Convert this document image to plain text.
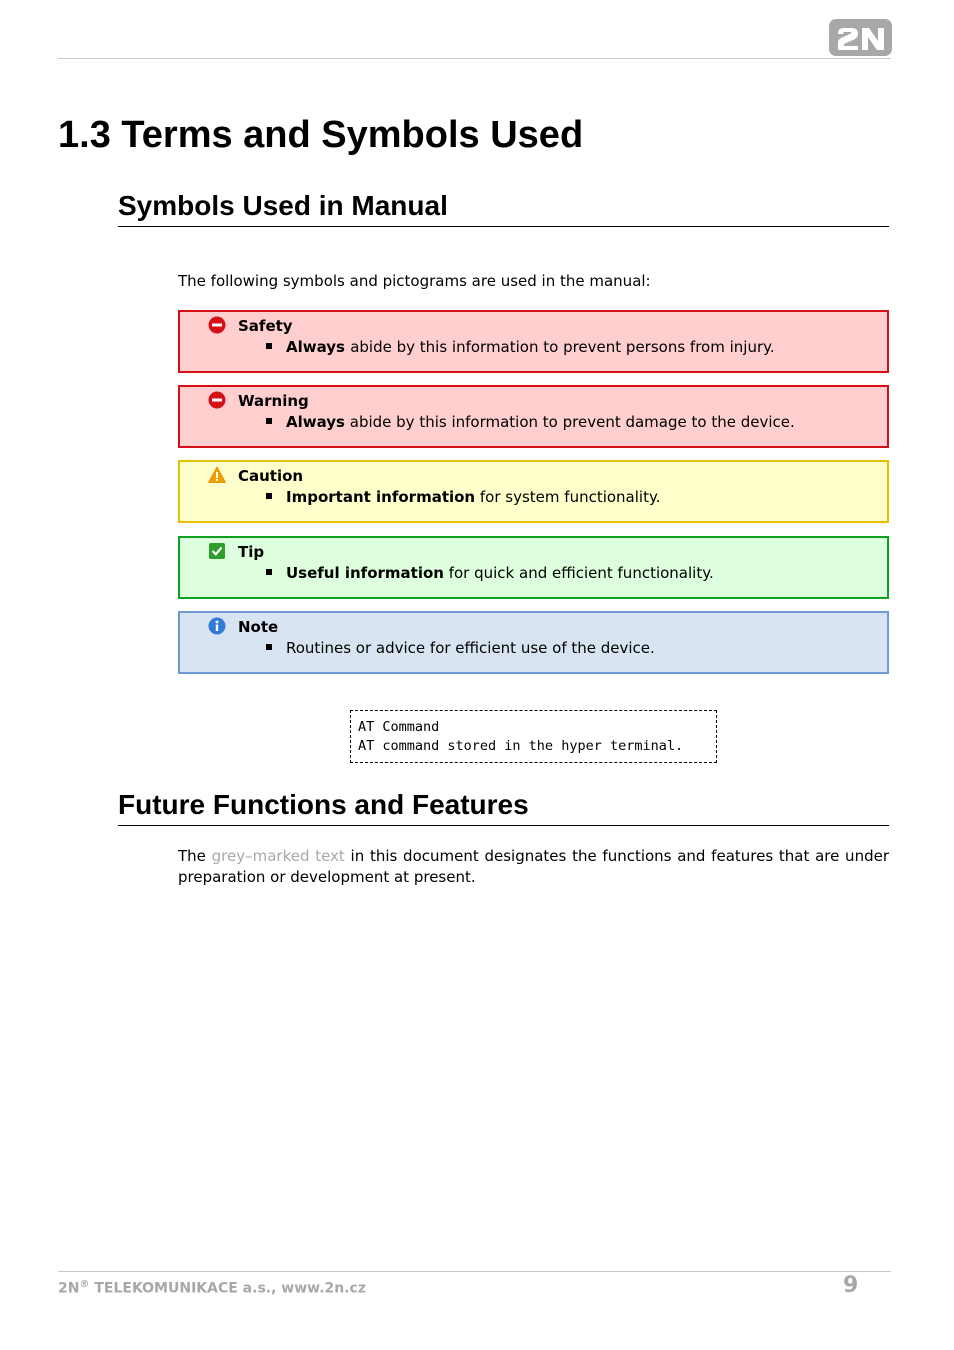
1.3 Terms and Symbols Used
Symbols Used in Manual

The following symbols and pictograms are used in the manual:

Safety
Always abide by this information to prevent persons from injury.
Warning
Always abide by this information to prevent damage to the device.
Caution
Important information for system functionality.
Tip
Useful information for quick and efficient functionality.
Note
Routines or advice for efficient use of the device.
AT Command
AT command stored in the hyper terminal.
Future Functions and Features

The grey–marked text in this document designates the functions and features that are under preparation or development at present.

2N® TELEKOMUNIKACE a.s., www.2n.cz	9
